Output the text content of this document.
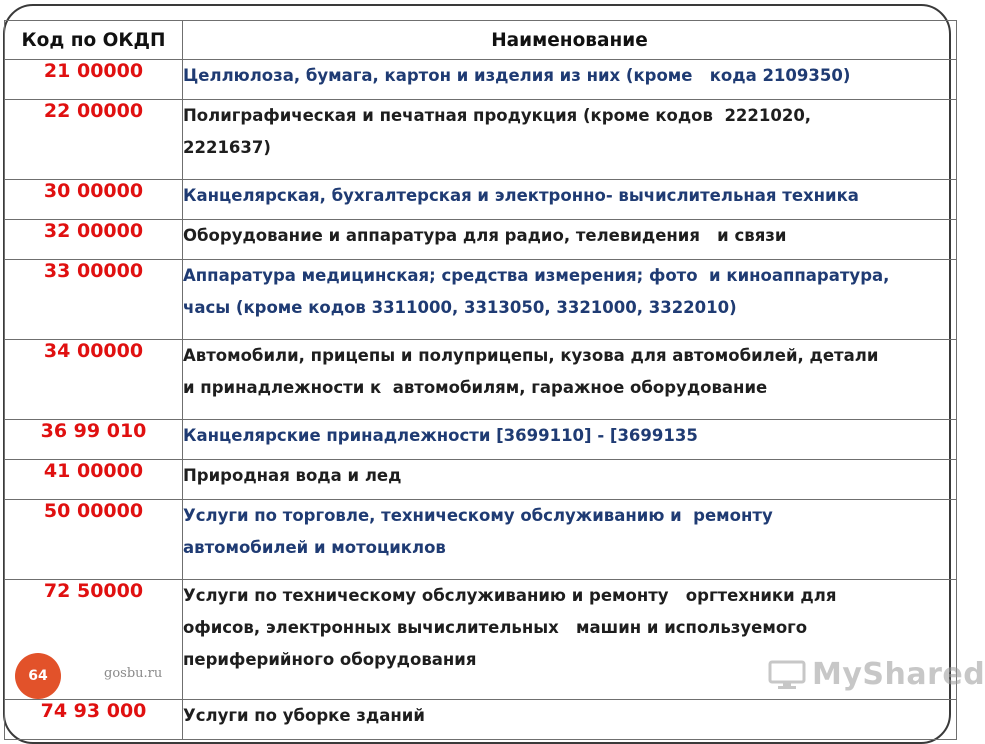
Код по ОКДП	Наименование
21 00000	Целлюлоза, бумага, картон и изделия из них (кроме   кода 2109350)

22 00000	Полиграфическая и печатная продукция (кроме кодов  2221020,
2221637)

30 00000	Канцелярская, бухгалтерская и электронно- вычислительная техника

32 00000	Оборудование и аппаратура для радио, телевидения   и связи

33 00000	Аппаратура медицинская; средства измерения; фото  и киноаппаратура,
часы (кроме кодов 3311000, 3313050, 3321000, 3322010)

34 00000	Автомобили, прицепы и полуприцепы, кузова для автомобилей, детали
и принадлежности к  автомобилям, гаражное оборудование

36 99 010	Канцелярские принадлежности [3699110] - [3699135

41 00000	Природная вода и лед

50 00000	Услуги по торговле, техническому обслуживанию и  ремонту
автомобилей и мотоциклов

72 50000	Услуги по техническому обслуживанию и ремонту   оргтехники для
офисов, электронных вычислительных   машин и используемого
периферийного оборудования

74 93 000	Услуги по уборке зданий
64	gosbu.ru	MyShared
